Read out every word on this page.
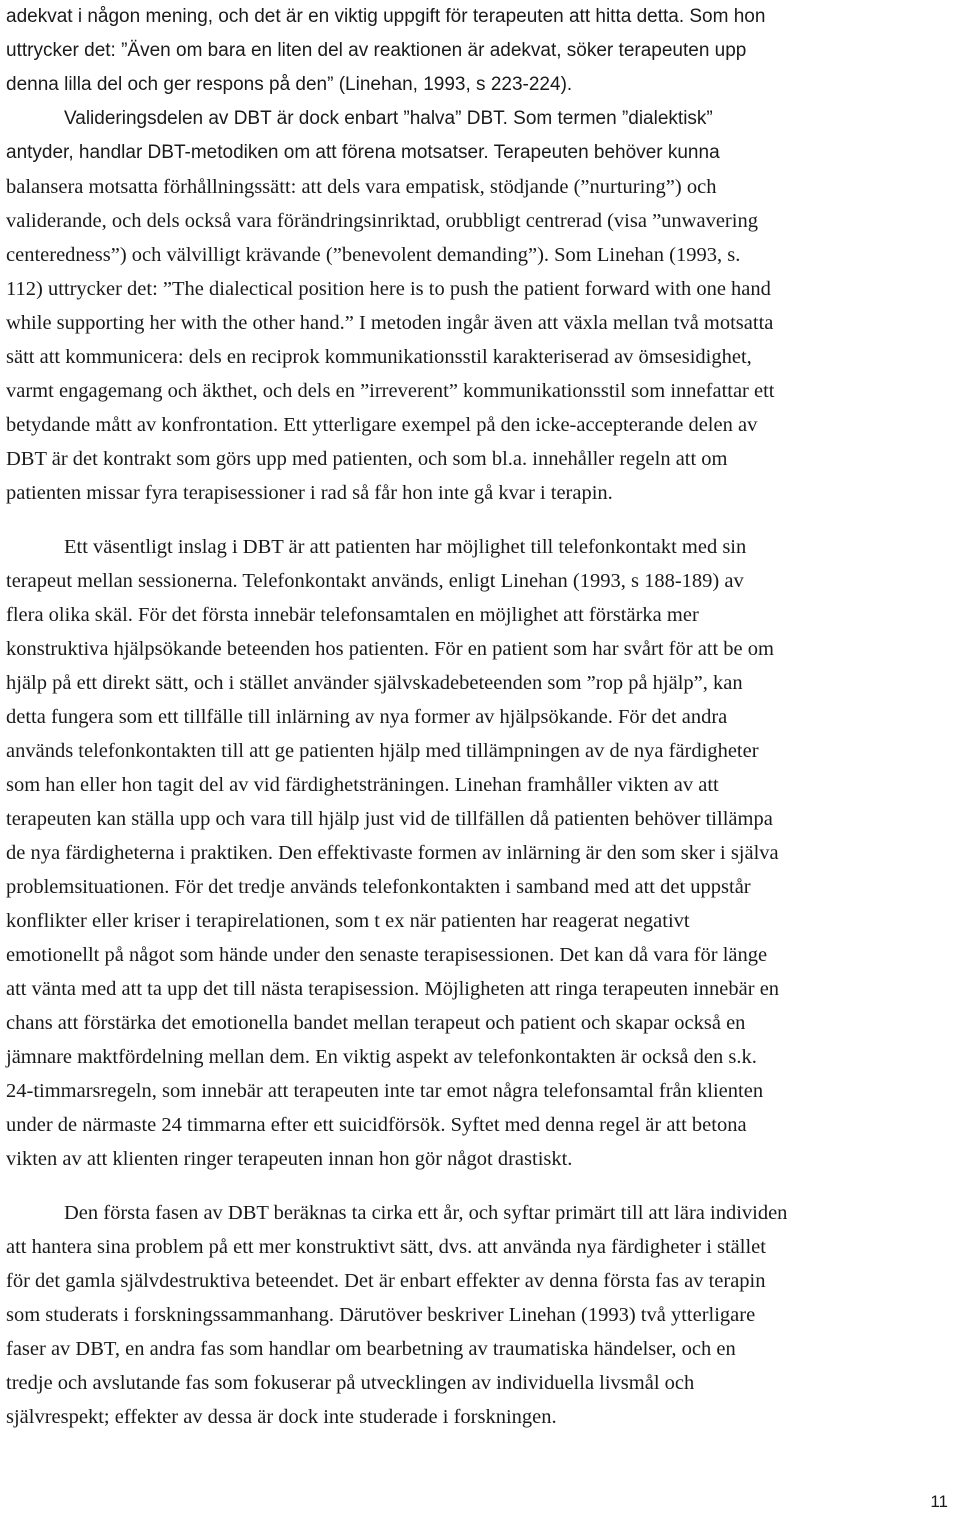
adekvat i någon mening, och det är en viktig uppgift för terapeuten att hitta detta. Som hon
uttrycker det: ”Även om bara en liten del av reaktionen är adekvat, söker terapeuten upp
denna lilla del och ger respons på den” (Linehan, 1993, s 223-224).
Valideringsdelen av DBT är dock enbart ”halva” DBT. Som termen ”dialektisk”
antyder, handlar DBT-metodiken om att förena motsatser. Terapeuten behöver kunna
balansera motsatta förhållningssätt: att dels vara empatisk, stödjande (”nurturing”) och
validerande, och dels också vara förändringsinriktad, orubbligt centrerad (visa ”unwavering
centeredness”) och välvilligt krävande (”benevolent demanding”). Som Linehan (1993, s.
112) uttrycker det: ”The dialectical position here is to push the patient forward with one hand
while supporting her with the other hand.” I metoden ingår även att växla mellan två motsatta
sätt att kommunicera: dels en reciprok kommunikationsstil karakteriserad av ömsesidighet,
varmt engagemang och äkthet, och dels en ”irreverent” kommunikationsstil som innefattar ett
betydande mått av konfrontation. Ett ytterligare exempel på den icke-accepterande delen av
DBT är det kontrakt som görs upp med patienten, och som bl.a. innehåller regeln att om
patienten missar fyra terapisessioner i rad så får hon inte gå kvar i terapin.
Ett väsentligt inslag i DBT är att patienten har möjlighet till telefonkontakt med sin
terapeut mellan sessionerna. Telefonkontakt används, enligt Linehan (1993, s 188-189) av
flera olika skäl. För det första innebär telefonsamtalen en möjlighet att förstärka mer
konstruktiva hjälpsökande beteenden hos patienten. För en patient som har svårt för att be om
hjälp på ett direkt sätt, och i stället använder självskadebeteenden som ”rop på hjälp”, kan
detta fungera som ett tillfälle till inlärning av nya former av hjälpsökande. För det andra
används telefonkontakten till att ge patienten hjälp med tillämpningen av de nya färdigheter
som han eller hon tagit del av vid färdighetsträningen. Linehan framhåller vikten av att
terapeuten kan ställa upp och vara till hjälp just vid de tillfällen då patienten behöver tillämpa
de nya färdigheterna i praktiken. Den effektivaste formen av inlärning är den som sker i själva
problemsituationen. För det tredje används telefonkontakten i samband med att det uppstår
konflikter eller kriser i terapirelationen, som t ex när patienten har reagerat negativt
emotionellt på något som hände under den senaste terapisessionen. Det kan då vara för länge
att vänta med att ta upp det till nästa terapisession. Möjligheten att ringa terapeuten innebär en
chans att förstärka det emotionella bandet mellan terapeut och patient och skapar också en
jämnare maktfördelning mellan dem. En viktig aspekt av telefonkontakten är också den s.k.
24-timmarsregeln, som innebär att terapeuten inte tar emot några telefonsamtal från klienten
under de närmaste 24 timmarna efter ett suicidförsök. Syftet med denna regel är att betona
vikten av att klienten ringer terapeuten innan hon gör något drastiskt.
Den första fasen av DBT beräknas ta cirka ett år, och syftar primärt till att lära individen
att hantera sina problem på ett mer konstruktivt sätt, dvs. att använda nya färdigheter i stället
för det gamla självdestruktiva beteendet. Det är enbart effekter av denna första fas av terapin
som studerats i forskningssammanhang. Därutöver beskriver Linehan (1993) två ytterligare
faser av DBT, en andra fas som handlar om bearbetning av traumatiska händelser, och en
tredje och avslutande fas som fokuserar på utvecklingen av individuella livsmål och
självrespekt; effekter av dessa är dock inte studerade i forskningen.
11
